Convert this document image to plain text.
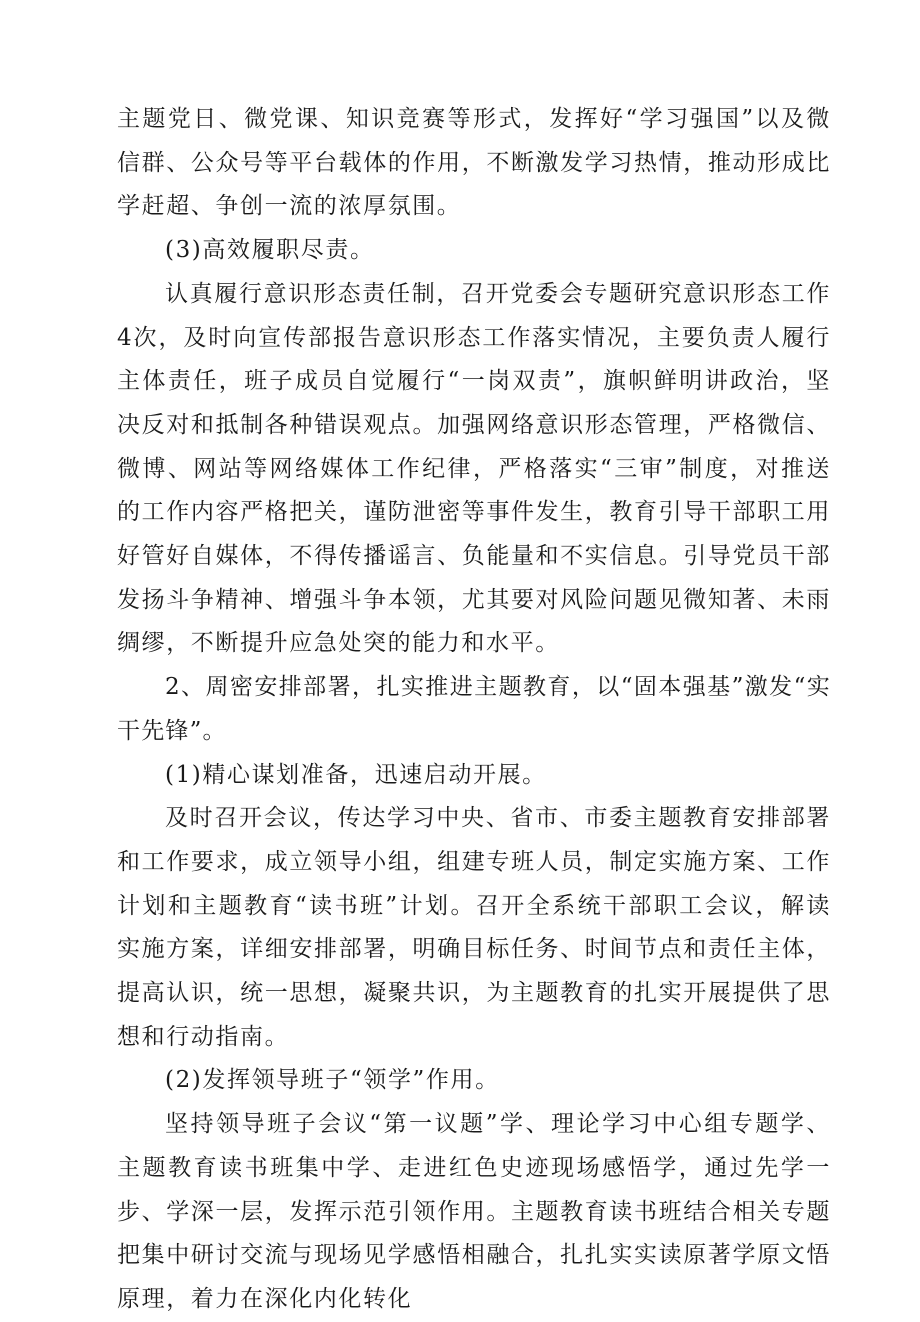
主题党日、微党课、知识竞赛等形式，发挥好“学习强国”以及微信群、公众号等平台载体的作用，不断激发学习热情，推动形成比学赶超、争创一流的浓厚氛围。

(3)高效履职尽责。

认真履行意识形态责任制，召开党委会专题研究意识形态工作4次，及时向宣传部报告意识形态工作落实情况，主要负责人履行主体责任，班子成员自觉履行“一岗双责”，旗帜鲜明讲政治，坚决反对和抵制各种错误观点。加强网络意识形态管理，严格微信、微博、网站等网络媒体工作纪律，严格落实“三审”制度，对推送的工作内容严格把关，谨防泄密等事件发生，教育引导干部职工用好管好自媒体，不得传播谣言、负能量和不实信息。引导党员干部发扬斗争精神、增强斗争本领，尤其要对风险问题见微知著、未雨绸缪，不断提升应急处突的能力和水平。

2、周密安排部署，扎实推进主题教育，以“固本强基”激发“实干先锋”。

(1)精心谋划准备，迅速启动开展。

及时召开会议，传达学习中央、省市、市委主题教育安排部署和工作要求，成立领导小组，组建专班人员，制定实施方案、工作计划和主题教育“读书班”计划。召开全系统干部职工会议，解读实施方案，详细安排部署，明确目标任务、时间节点和责任主体，提高认识，统一思想，凝聚共识，为主题教育的扎实开展提供了思想和行动指南。

(2)发挥领导班子“领学”作用。

坚持领导班子会议“第一议题”学、理论学习中心组专题学、主题教育读书班集中学、走进红色史迹现场感悟学，通过先学一步、学深一层，发挥示范引领作用。主题教育读书班结合相关专题把集中研讨交流与现场见学感悟相融合，扎扎实实读原著学原文悟原理，着力在深化内化转化
